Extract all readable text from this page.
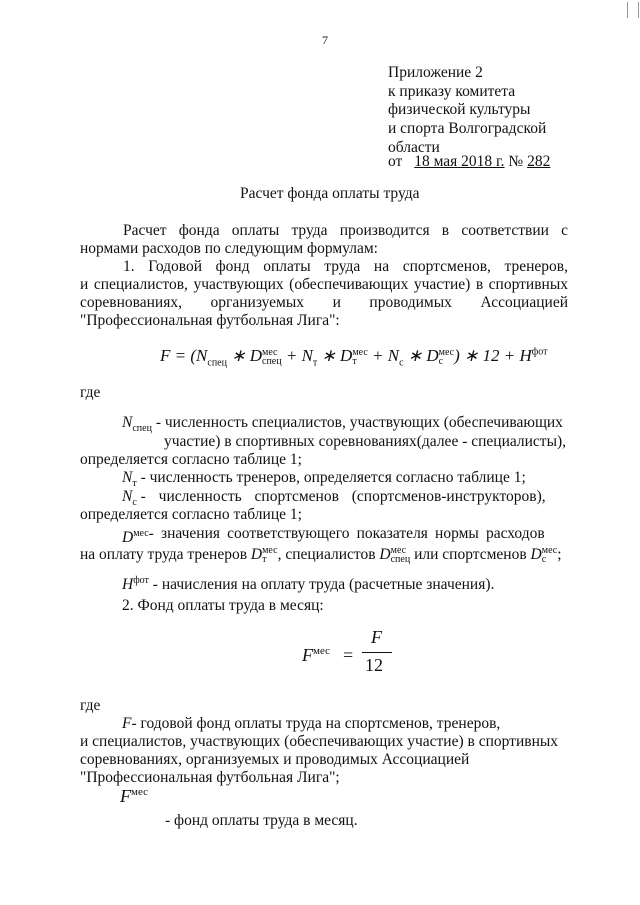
7
Приложение 2
к приказу комитета
физической культуры
и спорта Волгоградской
области
от 18 мая 2018 г. № 282
Расчет фонда оплаты труда
Расчет фонда оплаты труда производится в соответствии с нормами расходов по следующим формулам:
1. Годовой фонд оплаты труда на спортсменов, тренеров,
и специалистов, участвующих (обеспечивающих участие) в спортивных
соревнованиях, организуемых и проводимых Ассоциацией
"Профессиональная футбольная Лига":
$F = (N_{спец}$ ∗ Dмес
спец + $N_т$ ∗ Dмес
$т + N_с$ ∗ Dмес
с ) ∗ $12 + H^{фот}$
где
$N_{спец}$ - численность специалистов, участвующих (обеспечивающих
участие) в спортивных соревнованиях(далее - специалисты),
определяется согласно таблице 1;
$N_т$ - численность тренеров, определяется согласно таблице 1;
$N_с$ - численность спортсменов (спортсменов-инструкторов),
определяется согласно таблице 1;
$D^{мес}-$ значения соответствующего показателя нормы расходов
на оплату труда тренеров Dмес
т , специалистов Dмес
спец или спортсменов Dмес
с ;
$H^{фот}$ - начисления на оплату труда (расчетные значения).
2. Фонд оплаты труда в месяц:
$F^{мес}$ =
F
12
где
F- годовой фонд оплаты труда на спортсменов, тренеров,
и специалистов, участвующих (обеспечивающих участие) в спортивных
соревнованиях, организуемых и проводимых Ассоциацией
"Профессиональная футбольная Лига";
$F^{мес}$
- фонд оплаты труда в месяц.
